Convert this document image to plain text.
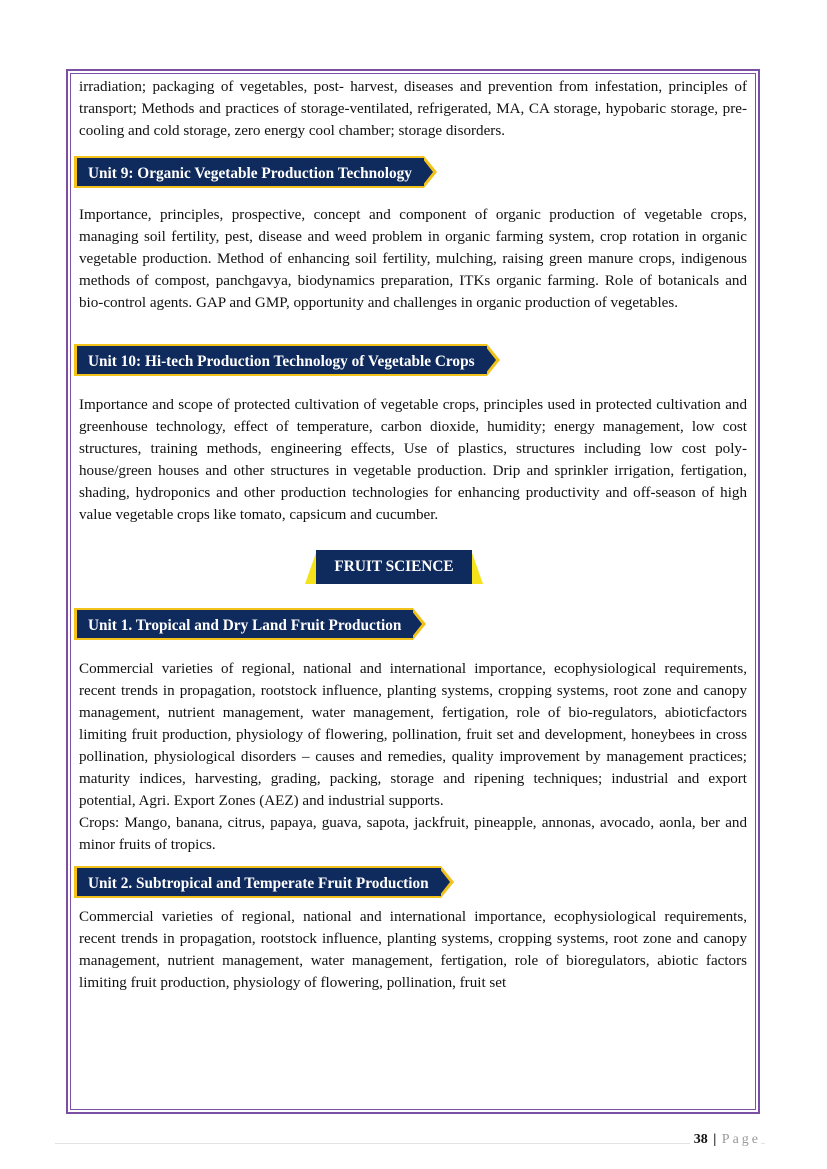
irradiation; packaging of vegetables, post- harvest, diseases and prevention from infestation, principles of transport; Methods and practices of storage-ventilated, refrigerated, MA, CA storage, hypobaric storage, pre-cooling and cold storage, zero energy cool chamber; storage disorders.

Unit 9: Organic Vegetable Production Technology

Importance, principles, prospective, concept and component of organic production of vegetable crops, managing soil fertility, pest, disease and weed problem in organic farming system, crop rotation in organic vegetable production. Method of enhancing soil fertility, mulching, raising green manure crops, indigenous methods of compost, panchgavya, biodynamics preparation, ITKs organic farming. Role of botanicals and bio-control agents. GAP and GMP, opportunity and challenges in organic production of vegetables.

Unit 10: Hi-tech Production Technology of Vegetable Crops

Importance and scope of protected cultivation of vegetable crops, principles used in protected cultivation and greenhouse technology, effect of temperature, carbon dioxide, humidity; energy management, low cost structures, training methods, engineering effects, Use of plastics, structures including low cost poly- house/green houses and other structures in vegetable production. Drip and sprinkler irrigation, fertigation, shading, hydroponics and other production technologies for enhancing productivity and off-season of high value vegetable crops like tomato, capsicum and cucumber.

FRUIT SCIENCE
Unit 1. Tropical and Dry Land Fruit Production

Commercial varieties of regional, national and international importance, ecophysiological requirements, recent trends in propagation, rootstock influence, planting systems, cropping systems, root zone and canopy management, nutrient management, water management, fertigation, role of bio-regulators, abioticfactors limiting fruit production, physiology of flowering, pollination, fruit set and development, honeybees in cross pollination, physiological disorders – causes and remedies, quality improvement by management practices; maturity indices, harvesting, grading, packing, storage and ripening techniques; industrial and export potential, Agri. Export Zones (AEZ) and industrial supports.

Crops: Mango, banana, citrus, papaya, guava, sapota, jackfruit, pineapple, annonas, avocado, aonla, ber and minor fruits of tropics.

Unit 2. Subtropical and Temperate Fruit Production

Commercial varieties of regional, national and international importance, ecophysiological requirements, recent trends in propagation, rootstock influence, planting systems, cropping systems, root zone and canopy management, nutrient management, water management, fertigation, role of bioregulators, abiotic factors limiting fruit production, physiology of flowering, pollination, fruit set

38 | Page
